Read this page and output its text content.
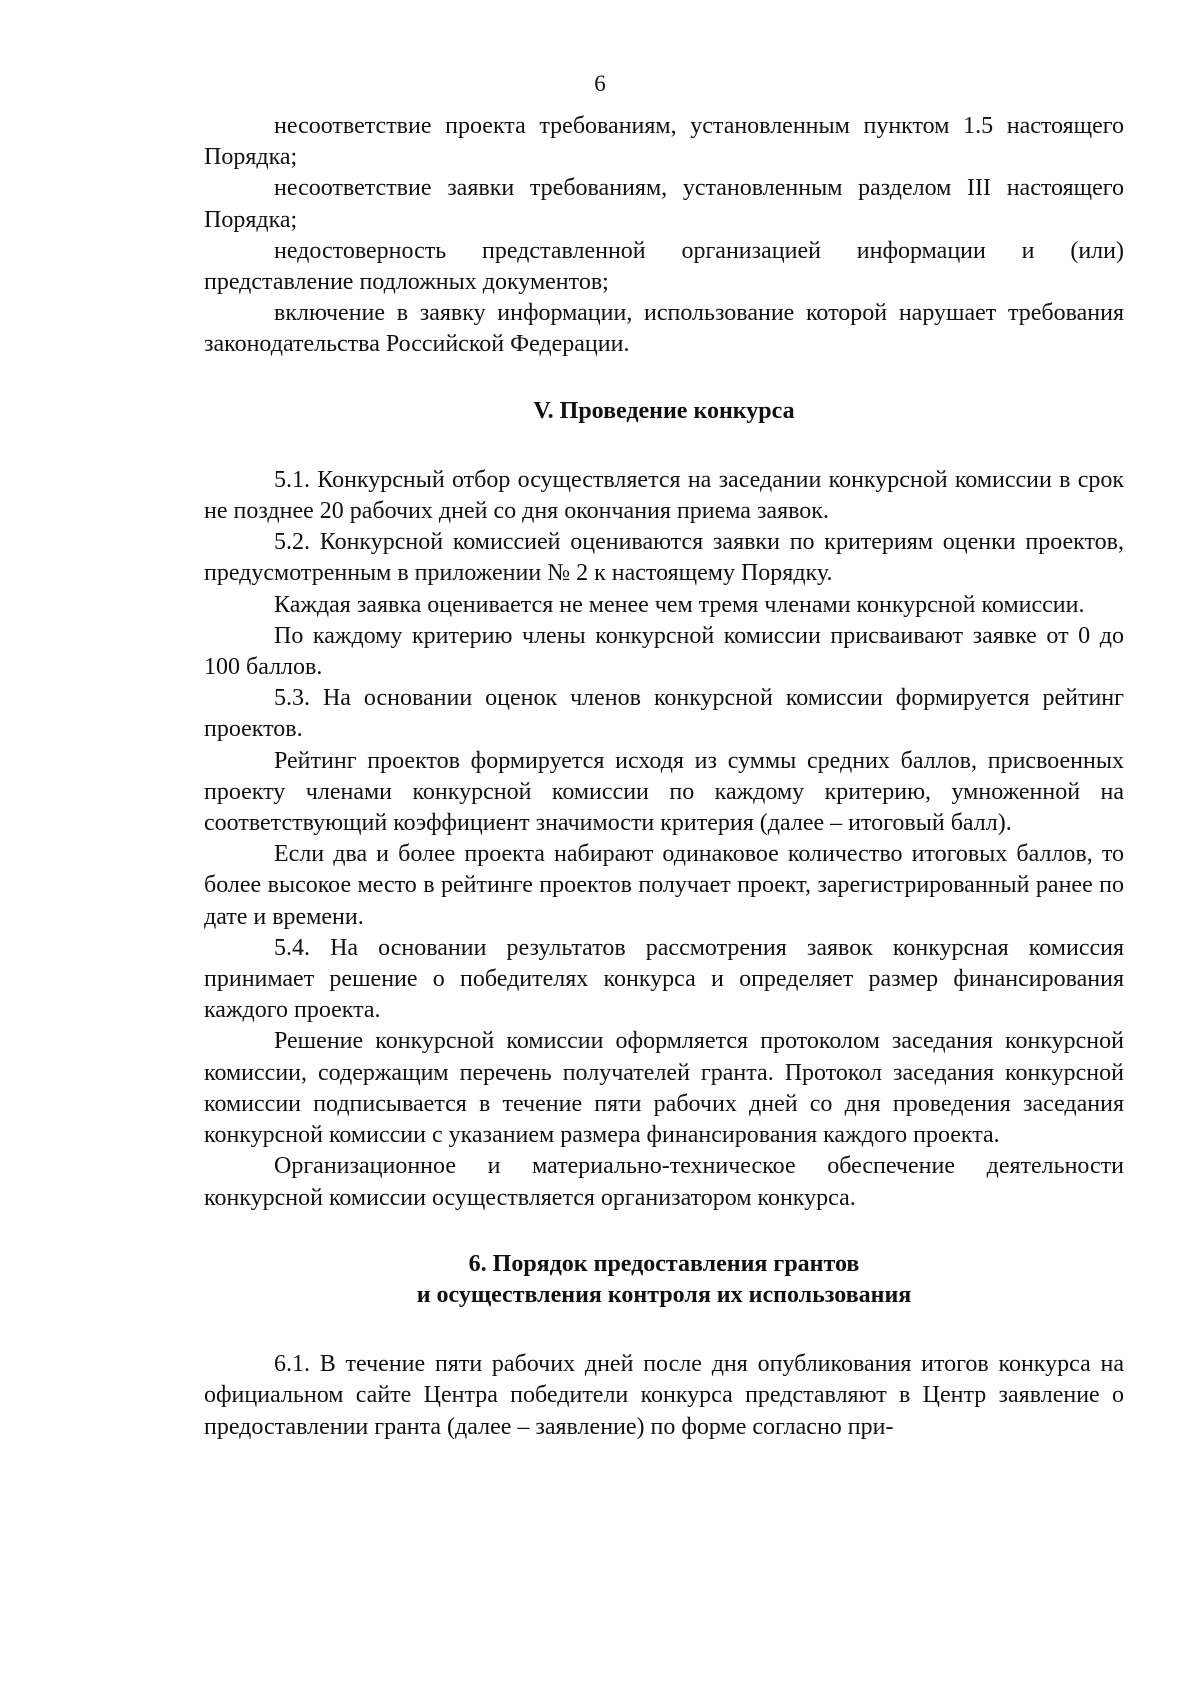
6

несоответствие проекта требованиям, установленным пунктом 1.5 настоящего Порядка;

несоответствие заявки требованиям, установленным разделом III настоящего Порядка;

недостоверность представленной организацией информации и (или) представление подложных документов;

включение в заявку информации, использование которой нарушает требования законодательства Российской Федерации.

V. Проведение конкурса

5.1. Конкурсный отбор осуществляется на заседании конкурсной комиссии в срок не позднее 20 рабочих дней со дня окончания приема заявок.

5.2. Конкурсной комиссией оцениваются заявки по критериям оценки проектов, предусмотренным в приложении № 2 к настоящему Порядку.

Каждая заявка оценивается не менее чем тремя членами конкурсной комиссии.

По каждому критерию члены конкурсной комиссии присваивают заявке от 0 до 100 баллов.

5.3. На основании оценок членов конкурсной комиссии формируется рейтинг проектов.

Рейтинг проектов формируется исходя из суммы средних баллов, присвоенных проекту членами конкурсной комиссии по каждому критерию, умноженной на соответствующий коэффициент значимости критерия (далее – итоговый балл).

Если два и более проекта набирают одинаковое количество итоговых баллов, то более высокое место в рейтинге проектов получает проект, зарегистрированный ранее по дате и времени.

5.4. На основании результатов рассмотрения заявок конкурсная комиссия принимает решение о победителях конкурса и определяет размер финансирования каждого проекта.

Решение конкурсной комиссии оформляется протоколом заседания конкурсной комиссии, содержащим перечень получателей гранта. Протокол заседания конкурсной комиссии подписывается в течение пяти рабочих дней со дня проведения заседания конкурсной комиссии с указанием размера финансирования каждого проекта.

Организационное и материально-техническое обеспечение деятельности конкурсной комиссии осуществляется организатором конкурса.

6. Порядок предоставления грантов
и осуществления контроля их использования

6.1. В течение пяти рабочих дней после дня опубликования итогов конкурса на официальном сайте Центра победители конкурса представляют в Центр заявление о предоставлении гранта (далее – заявление) по форме согласно при-
